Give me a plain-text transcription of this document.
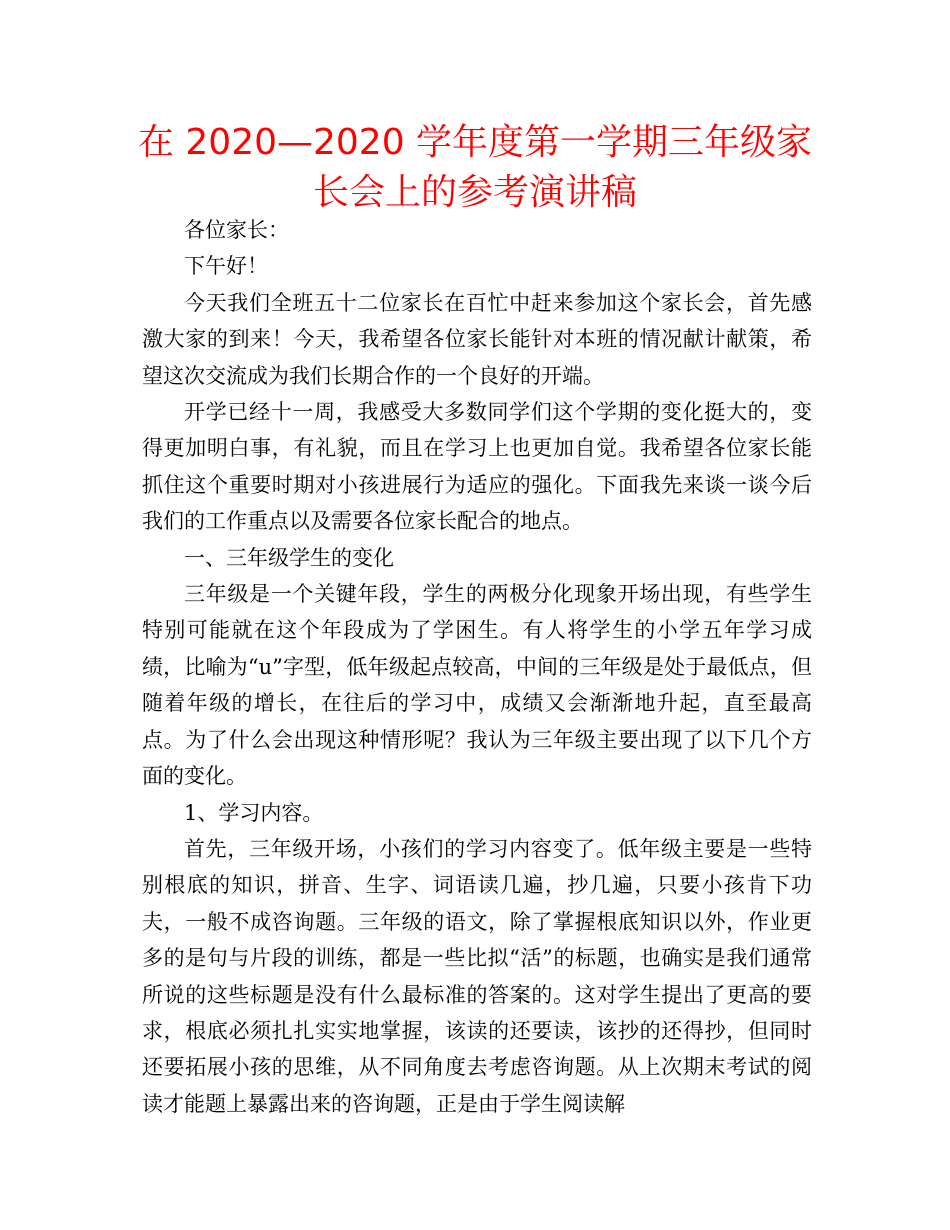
在 2020—2020 学年度第一学期三年级家
长会上的参考演讲稿

各位家长：

下午好！

今天我们全班五十二位家长在百忙中赶来参加这个家长会，首先感激大家的到来！今天，我希望各位家长能针对本班的情况献计献策，希望这次交流成为我们长期合作的一个良好的开端。

开学已经十一周，我感受大多数同学们这个学期的变化挺大的，变得更加明白事，有礼貌，而且在学习上也更加自觉。我希望各位家长能抓住这个重要时期对小孩进展行为适应的强化。下面我先来谈一谈今后我们的工作重点以及需要各位家长配合的地点。

一、三年级学生的变化

三年级是一个关键年段，学生的两极分化现象开场出现，有些学生特别可能就在这个年段成为了学困生。有人将学生的小学五年学习成绩，比喻为“u”字型，低年级起点较高，中间的三年级是处于最低点，但随着年级的增长，在往后的学习中，成绩又会渐渐地升起，直至最高点。为了什么会出现这种情形呢？我认为三年级主要出现了以下几个方面的变化。

1、学习内容。

首先，三年级开场，小孩们的学习内容变了。低年级主要是一些特别根底的知识，拼音、生字、词语读几遍，抄几遍，只要小孩肯下功夫，一般不成咨询题。三年级的语文，除了掌握根底知识以外，作业更多的是句与片段的训练，都是一些比拟“活”的标题，也确实是我们通常所说的这些标题是没有什么最标准的答案的。这对学生提出了更高的要求，根底必须扎扎实实地掌握，该读的还要读，该抄的还得抄，但同时还要拓展小孩的思维，从不同角度去考虑咨询题。从上次期末考试的阅读才能题上暴露出来的咨询题，正是由于学生阅读解
